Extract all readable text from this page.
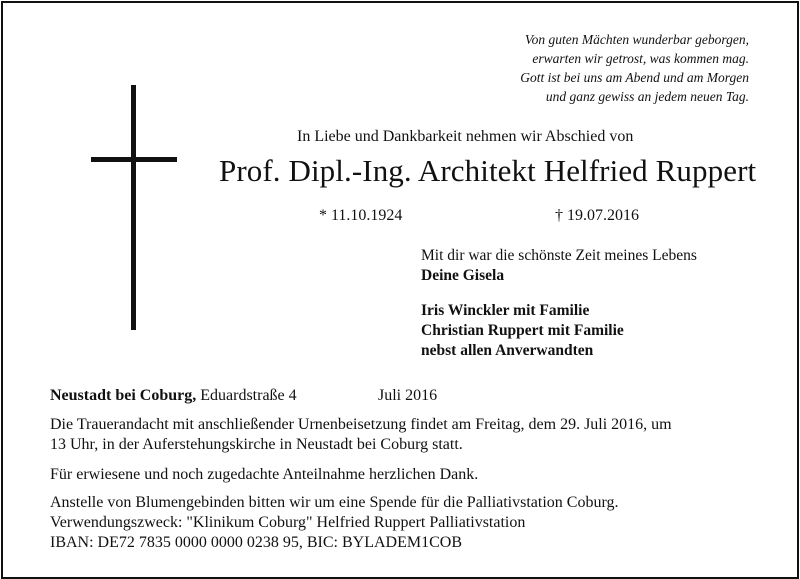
Von guten Mächten wunderbar geborgen,
erwarten wir getrost, was kommen mag.
Gott ist bei uns am Abend und am Morgen
und ganz gewiss an jedem neuen Tag.
In Liebe und Dankbarkeit nehmen wir Abschied von
Prof. Dipl.-Ing. Architekt Helfried Ruppert
* 11.10.1924	† 19.07.2016
Mit dir war die schönste Zeit meines Lebens
Deine Gisela
Iris Winckler mit Familie
Christian Ruppert mit Familie
nebst allen Anverwandten
Neustadt bei Coburg, Eduardstraße 4	Juli 2016
Die Trauerandacht mit anschließender Urnenbeisetzung findet am Freitag, dem 29. Juli 2016, um
13 Uhr, in der Auferstehungskirche in Neustadt bei Coburg statt.
Für erwiesene und noch zugedachte Anteilnahme herzlichen Dank.
Anstelle von Blumengebinden bitten wir um eine Spende für die Palliativstation Coburg.
Verwendungszweck: "Klinikum Coburg" Helfried Ruppert Palliativstation
IBAN: DE72 7835 0000 0000 0238 95, BIC: BYLADEM1COB
